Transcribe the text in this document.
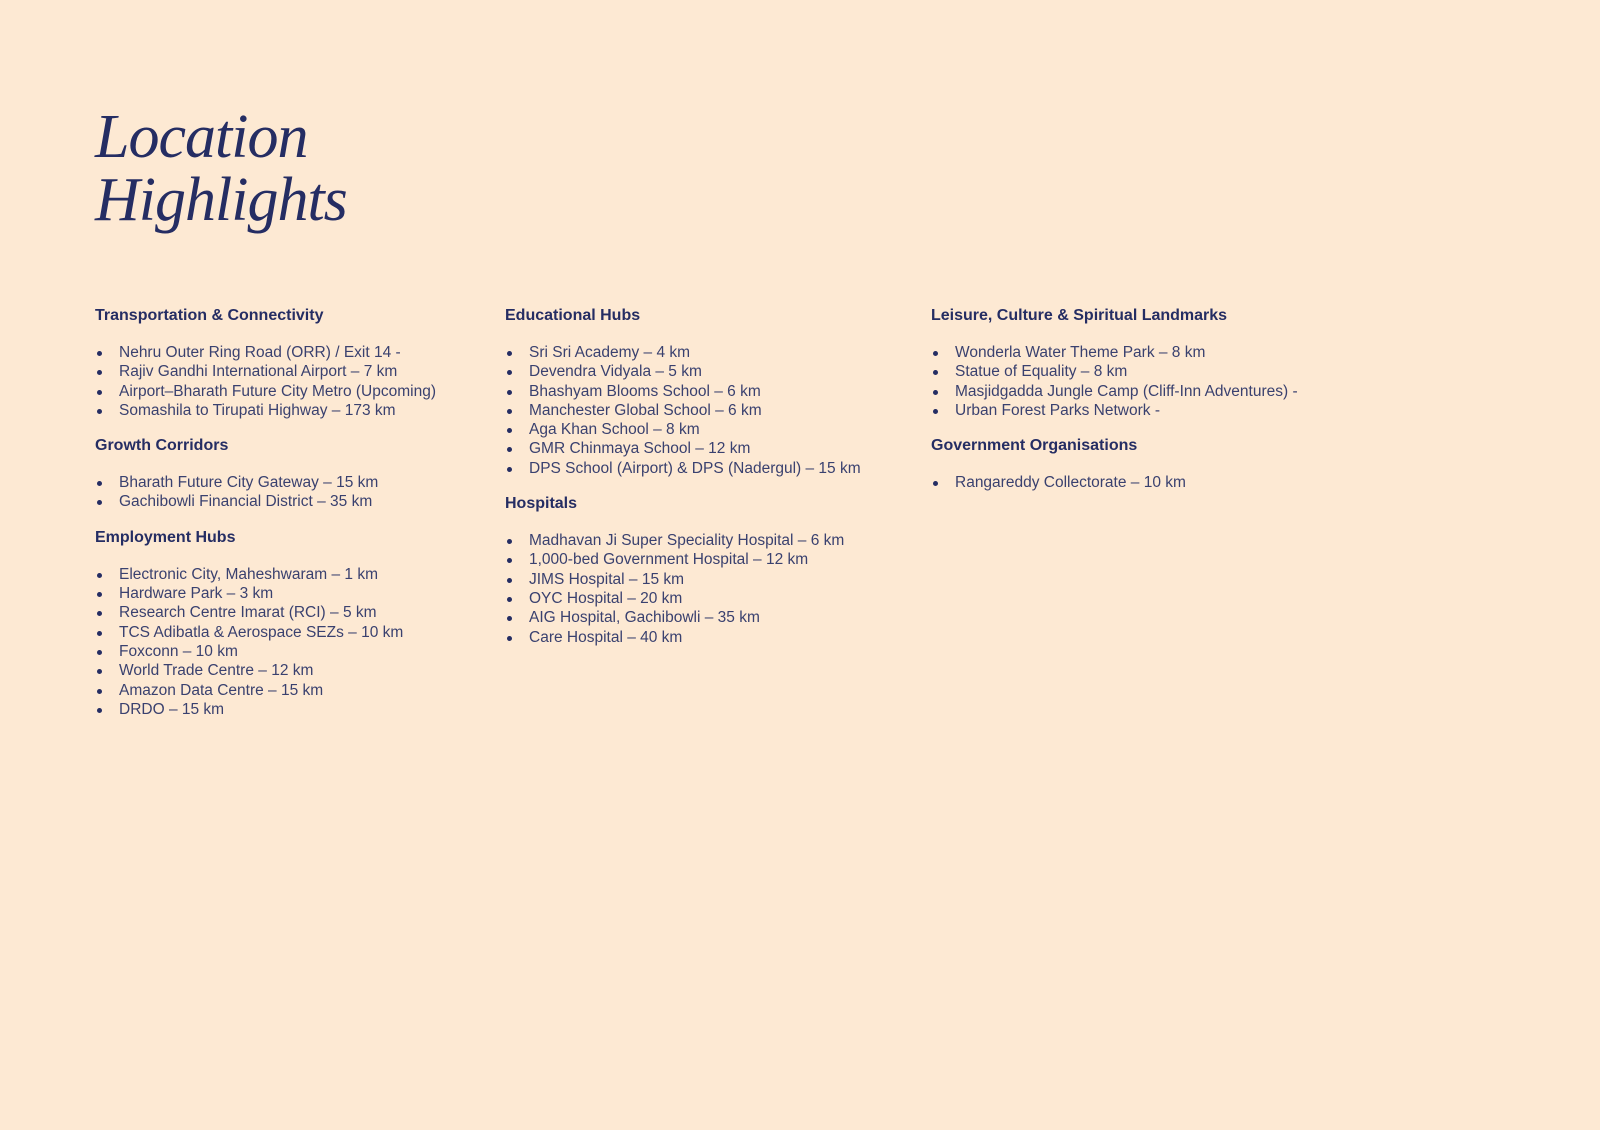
Location
Highlights
Transportation & Connectivity
Nehru Outer Ring Road (ORR) / Exit 14 -
Rajiv Gandhi International Airport – 7 km
Airport–Bharath Future City Metro (Upcoming)
Somashila to Tirupati Highway – 173 km
Growth Corridors
Bharath Future City Gateway – 15 km
Gachibowli Financial District – 35 km
Employment Hubs
Electronic City, Maheshwaram – 1 km
Hardware Park – 3 km
Research Centre Imarat (RCI) – 5 km
TCS Adibatla & Aerospace SEZs – 10 km
Foxconn – 10 km
World Trade Centre – 12 km
Amazon Data Centre – 15 km
DRDO – 15 km
Educational Hubs
Sri Sri Academy – 4 km
Devendra Vidyala – 5 km
Bhashyam Blooms School – 6 km
Manchester Global School – 6 km
Aga Khan School – 8 km
GMR Chinmaya School – 12 km
DPS School (Airport) & DPS (Nadergul) – 15 km
Hospitals
Madhavan Ji Super Speciality Hospital – 6 km
1,000-bed Government Hospital – 12 km
JIMS Hospital – 15 km
OYC Hospital – 20 km
AIG Hospital, Gachibowli – 35 km
Care Hospital – 40 km
Leisure, Culture & Spiritual Landmarks
Wonderla Water Theme Park – 8 km
Statue of Equality – 8 km
Masjidgadda Jungle Camp (Cliff-Inn Adventures) -
Urban Forest Parks Network -
Government Organisations
Rangareddy Collectorate – 10 km
